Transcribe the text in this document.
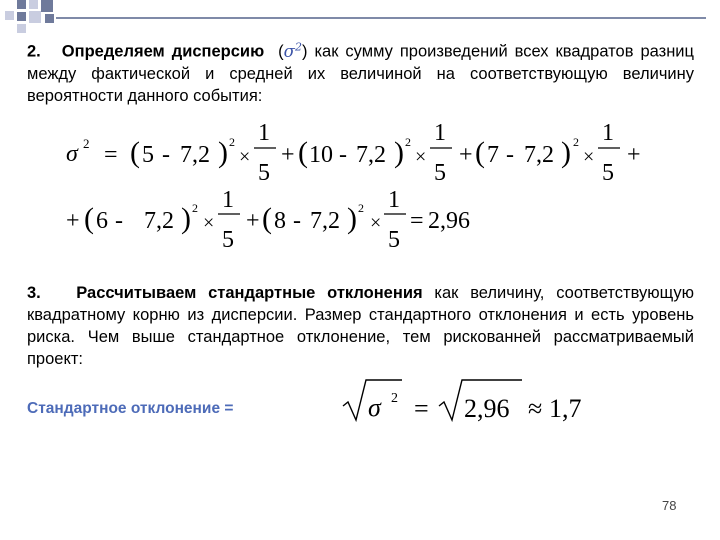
2. Определяем дисперсию $(\sigma^2)$ как сумму произведений всех квадратов разниц между фактической и средней их величиной на соответствующую величину вероятности данного события:
σ 2 = ( 5 - 7,2 ) 2
×
1
5
+ ( 10 - 7,2 ) 2
×
1
5
+ ( 7 - 7,2 ) 2
×
1
5
+
+ ( 6 - 7,2 ) 2
×
1
5
+ ( 8 - 7,2 ) 2
×
1
5
= 2,96
σ 2 = 2,96 ≈ 1,7
3. Рассчитываем стандартные отклонения как величину, соответствующую квадратному корню из дисперсии. Размер стандартного отклонения и есть уровень риска. Чем выше стандартное отклонение, тем рискованней рассматриваемый проект:
Стандартное отклонение =
78
